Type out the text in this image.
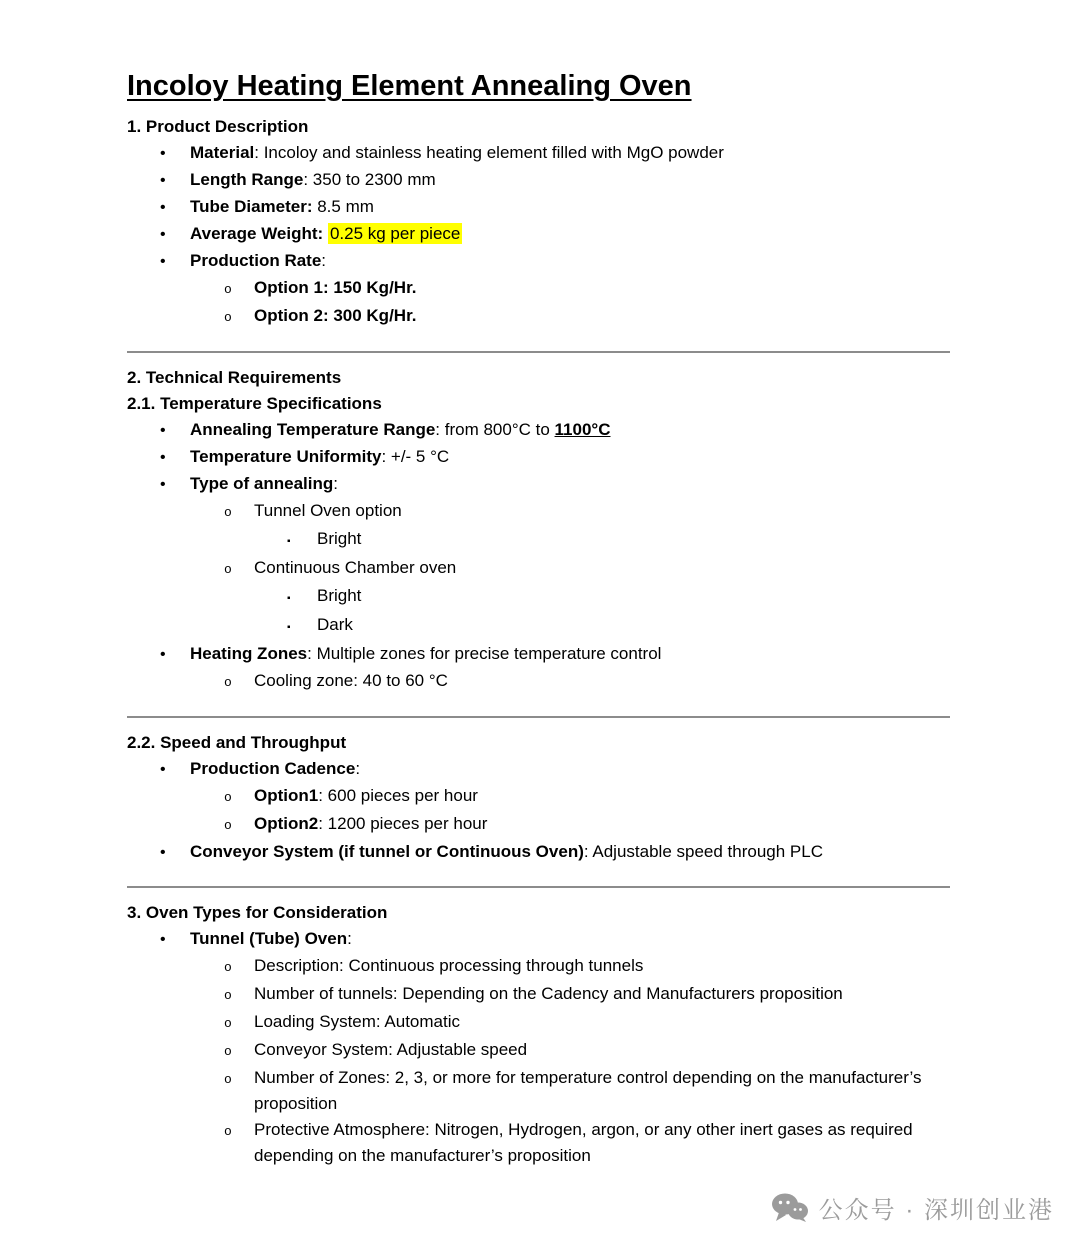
Incoloy Heating Element Annealing Oven
1. Product Description
•	Material: Incoloy and stainless heating element filled with MgO powder
•	Length Range: 350 to 2300 mm
•	Tube Diameter: 8.5 mm
•	Average Weight: 0.25 kg per piece
•	Production Rate:
o	Option 1: 150 Kg/Hr.
o	Option 2: 300 Kg/Hr.
2. Technical Requirements
2.1. Temperature Specifications
•	Annealing Temperature Range: from 800°C to 1100°C
•	Temperature Uniformity: +/- 5 °C
•	Type of annealing:
o	Tunnel Oven option
▪	Bright
o	Continuous Chamber oven
▪	Bright
▪	Dark
•	Heating Zones: Multiple zones for precise temperature control
o	Cooling zone: 40 to 60 °C
2.2. Speed and Throughput
•	Production Cadence:
o	Option1: 600 pieces per hour
o	Option2: 1200 pieces per hour
•	Conveyor System (if tunnel or Continuous Oven): Adjustable speed through PLC
3. Oven Types for Consideration
•	Tunnel (Tube) Oven:
o	Description: Continuous processing through tunnels
o	Number of tunnels: Depending on the Cadency and Manufacturers proposition
o	Loading System: Automatic
o	Conveyor System: Adjustable speed
o	Number of Zones: 2, 3, or more for temperature control depending on the manufacturer’s proposition
o	Protective Atmosphere: Nitrogen, Hydrogen, argon, or any other inert gases as required depending on the manufacturer’s proposition
公众号 · 深圳创业港
